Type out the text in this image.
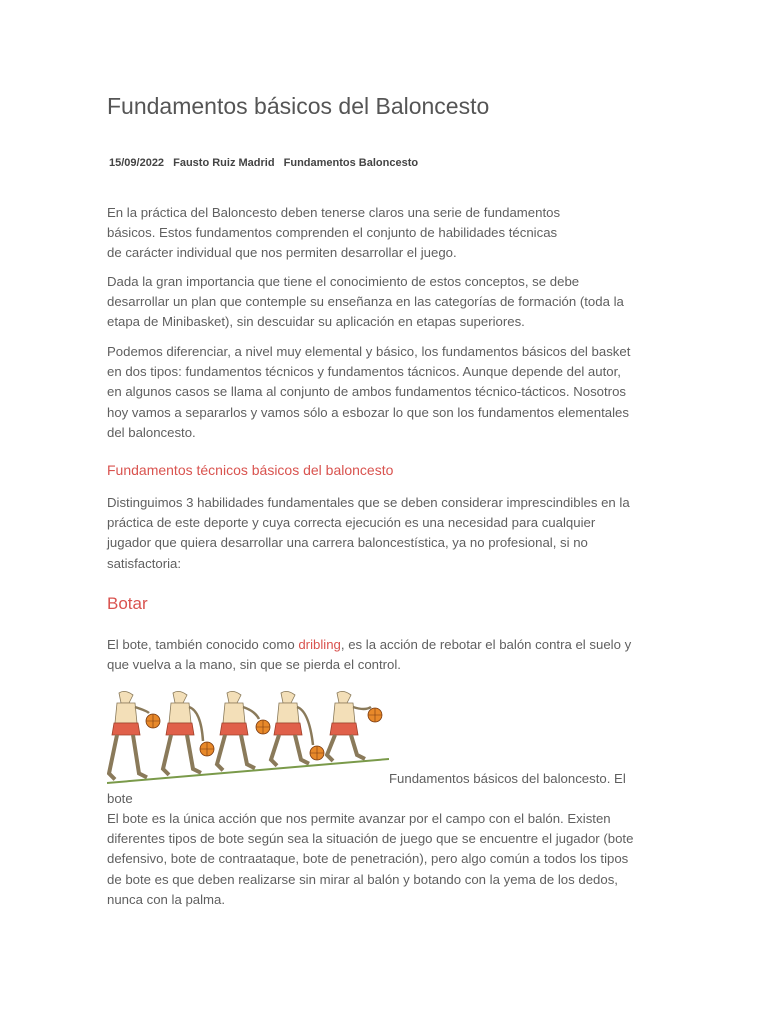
Fundamentos básicos del Baloncesto
15/09/2022 Fausto Ruiz Madrid Fundamentos Baloncesto

En la práctica del Baloncesto deben tenerse claros una serie de fundamentos
básicos. Estos fundamentos comprenden el conjunto de habilidades técnicas
de carácter individual que nos permiten desarrollar el juego.

Dada la gran importancia que tiene el conocimiento de estos conceptos, se debe
desarrollar un plan que contemple su enseñanza en las categorías de formación (toda la
etapa de Minibasket), sin descuidar su aplicación en etapas superiores.

Podemos diferenciar, a nivel muy elemental y básico, los fundamentos básicos del basket
en dos tipos: fundamentos técnicos y fundamentos tácnicos. Aunque depende del autor,
en algunos casos se llama al conjunto de ambos fundamentos técnico-tácticos. Nosotros
hoy vamos a separarlos y vamos sólo a esbozar lo que son los fundamentos elementales
del baloncesto.

Fundamentos técnicos básicos del baloncesto

Distinguimos 3 habilidades fundamentales que se deben considerar imprescindibles en la
práctica de este deporte y cuya correcta ejecución es una necesidad para cualquier
jugador que quiera desarrollar una carrera baloncestística, ya no profesional, si no
satisfactoria:

Botar

El bote, también conocido como dribling, es la acción de rebotar el balón contra el suelo y
que vuelva a la mano, sin que se pierda el control.

Fundamentos básicos del baloncesto. El
bote

El bote es la única acción que nos permite avanzar por el campo con el balón. Existen
diferentes tipos de bote según sea la situación de juego que se encuentre el jugador (bote
defensivo, bote de contraataque, bote de penetración), pero algo común a todos los tipos
de bote es que deben realizarse sin mirar al balón y botando con la yema de los dedos,
nunca con la palma.
